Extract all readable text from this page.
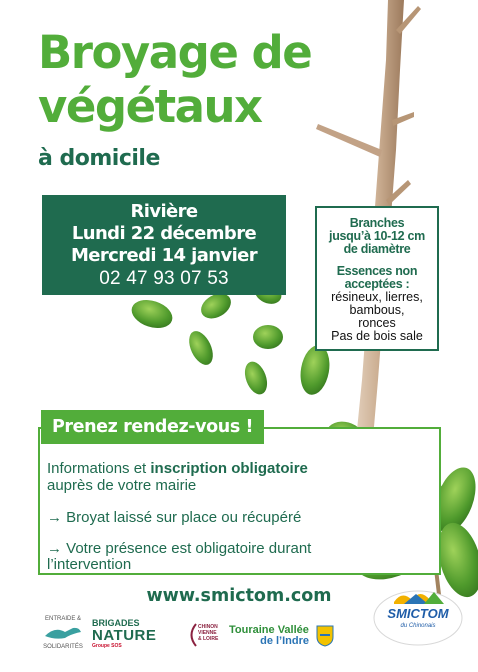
Broyage de
végétaux
à domicile
Rivière
Lundi 22 décembre
Mercredi 14 janvier
02 47 93 07 53
Branches
jusqu’à 10-12 cm
de diamètre
Essences non
acceptées :
résineux, lierres,
bambous,
ronces
Pas de bois sale
Prenez rendez-vous !
Informations et inscription obligatoire
auprès de votre mairie
→ Broyat laissé sur place ou récupéré
→ Votre présence est obligatoire durant
l’intervention
www.smictom.com
ENTRAIDE &
SOLIDARITÉS
BRIGADES
NATURE
Groupe SOS
CHINON
VIENNE
& LOIRE
Touraine Vallée
de l’Indre
SMICTOM
du Chinonais
